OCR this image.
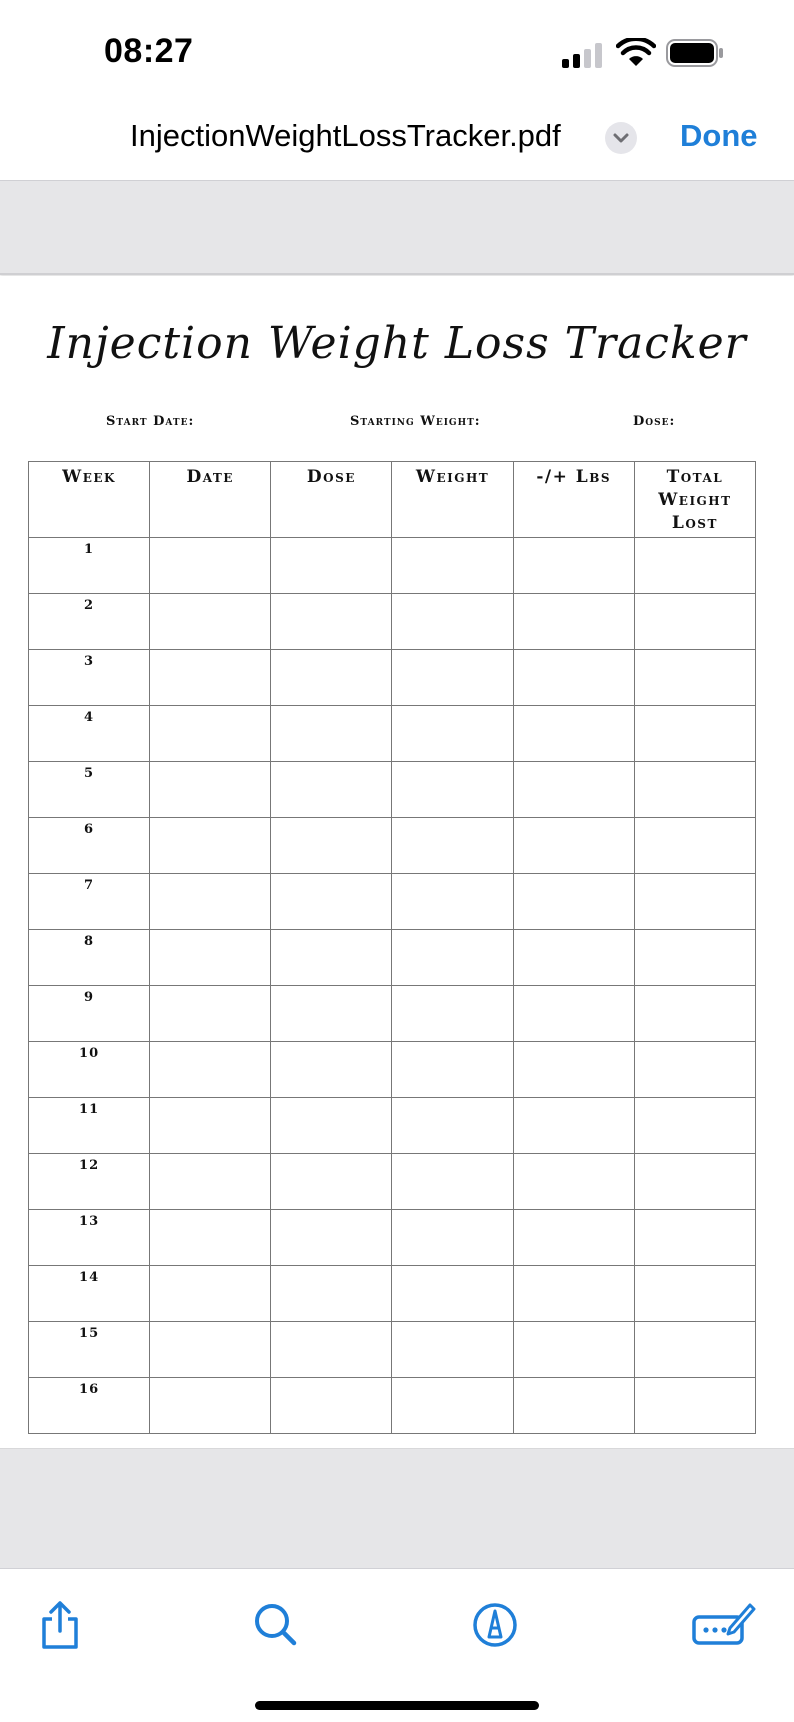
08:27
InjectionWeightLossTracker.pdf	Done
Injection Weight Loss Tracker
Start Date:	Starting Weight:	Dose:
Week	Date	Dose	Weight	-/+ Lbs	Total Weight Lost
1					
2					
3					
4					
5					
6					
7					
8					
9					
10					
11					
12					
13					
14					
15					
16					
